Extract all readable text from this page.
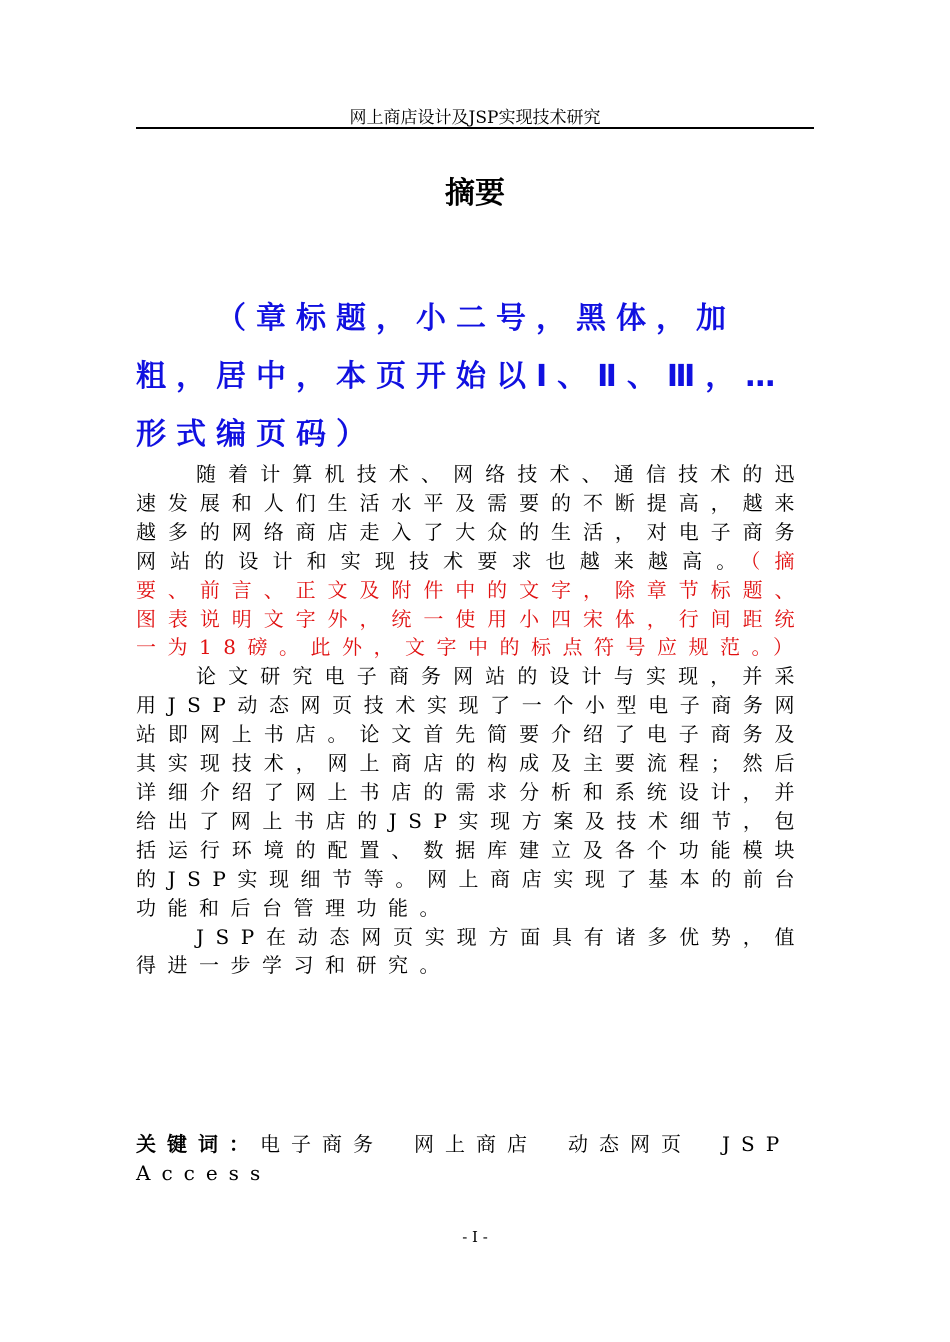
网上商店设计及JSP实现技术研究
摘要
（章标题，小二号，黑体，加粗，居中，本页开始以Ⅰ、Ⅱ、Ⅲ，…形式编页码）

随着计算机技术、网络技术、通信技术的迅速发展和人们生活水平及需要的不断提高，越来越多的网络商店走入了大众的生活，对电子商务网站的设计和实现技术要求也越来越高。（摘要、前言、正文及附件中的文字，除章节标题、图表说明文字外，统一使用小四宋体，行间距统一为18磅。此外，文字中的标点符号应规范。）

论文研究电子商务网站的设计与实现，并采用JSP动态网页技术实现了一个小型电子商务网站即网上书店。论文首先简要介绍了电子商务及其实现技术，网上商店的构成及主要流程；然后详细介绍了网上书店的需求分析和系统设计，并给出了网上书店的JSP实现方案及技术细节，包括运行环境的配置、数据库建立及各个功能模块的JSP实现细节等。网上商店实现了基本的前台功能和后台管理功能。

JSP在动态网页实现方面具有诸多优势，值得进一步学习和研究。

关键词：电子商务 网上商店 动态网页 JSP Access
- I -
